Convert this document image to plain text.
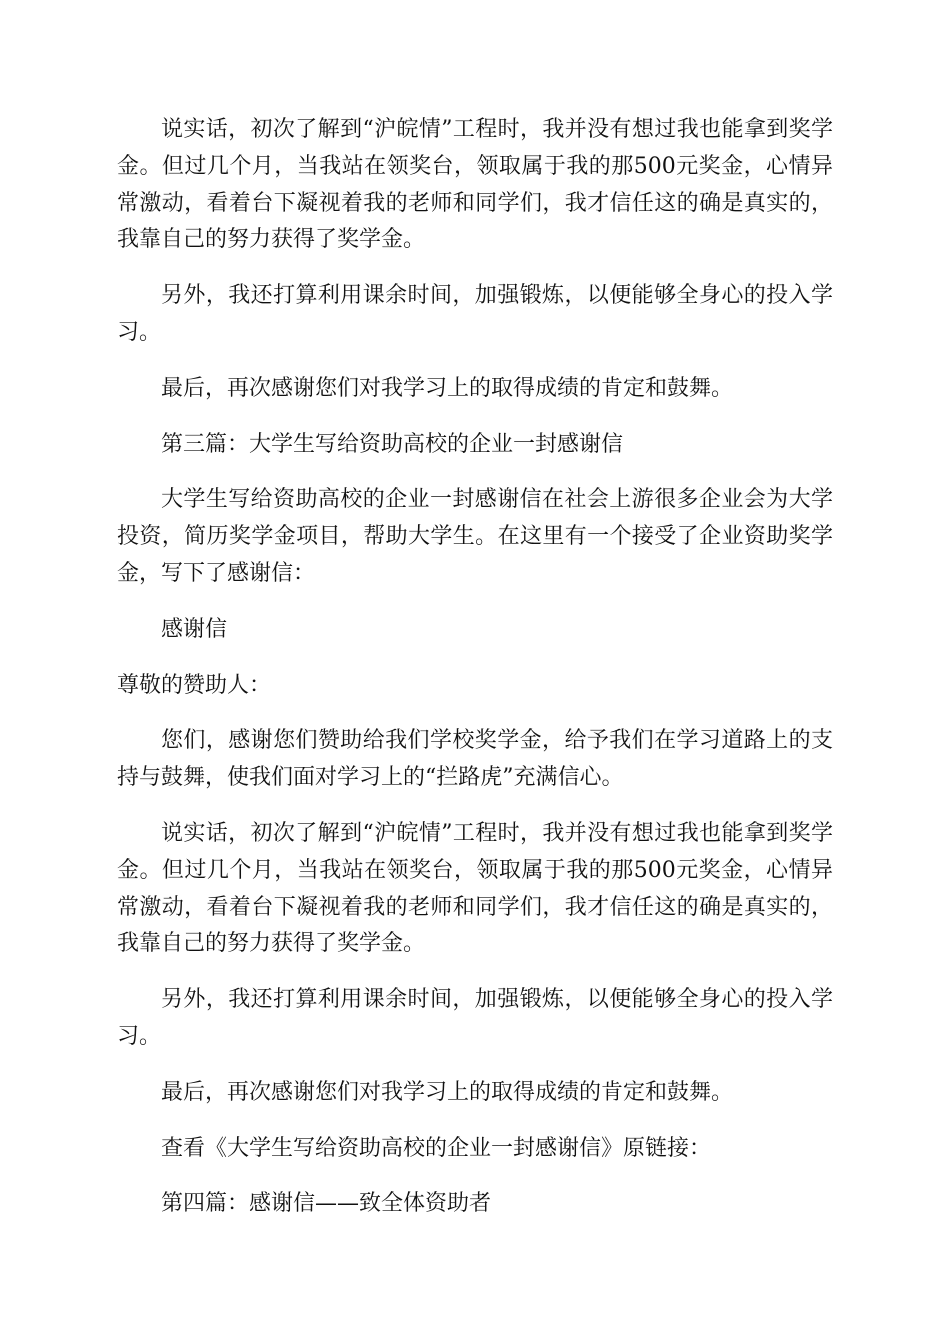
说实话，初次了解到“沪皖情”工程时，我并没有想过我也能拿到奖学金。但过几个月，当我站在领奖台，领取属于我的那500元奖金，心情异常激动，看着台下凝视着我的老师和同学们，我才信任这的确是真实的，我靠自己的努力获得了奖学金。

另外，我还打算利用课余时间，加强锻炼，以便能够全身心的投入学习。

最后，再次感谢您们对我学习上的取得成绩的肯定和鼓舞。

第三篇：大学生写给资助高校的企业一封感谢信

大学生写给资助高校的企业一封感谢信在社会上游很多企业会为大学投资，简历奖学金项目，帮助大学生。在这里有一个接受了企业资助奖学金，写下了感谢信：

感谢信

尊敬的赞助人：

您们，感谢您们赞助给我们学校奖学金，给予我们在学习道路上的支持与鼓舞，使我们面对学习上的“拦路虎”充满信心。

说实话，初次了解到“沪皖情”工程时，我并没有想过我也能拿到奖学金。但过几个月，当我站在领奖台，领取属于我的那500元奖金，心情异常激动，看着台下凝视着我的老师和同学们，我才信任这的确是真实的，我靠自己的努力获得了奖学金。

另外，我还打算利用课余时间，加强锻炼，以便能够全身心的投入学习。

最后，再次感谢您们对我学习上的取得成绩的肯定和鼓舞。

查看《大学生写给资助高校的企业一封感谢信》原链接：

第四篇：感谢信——致全体资助者
